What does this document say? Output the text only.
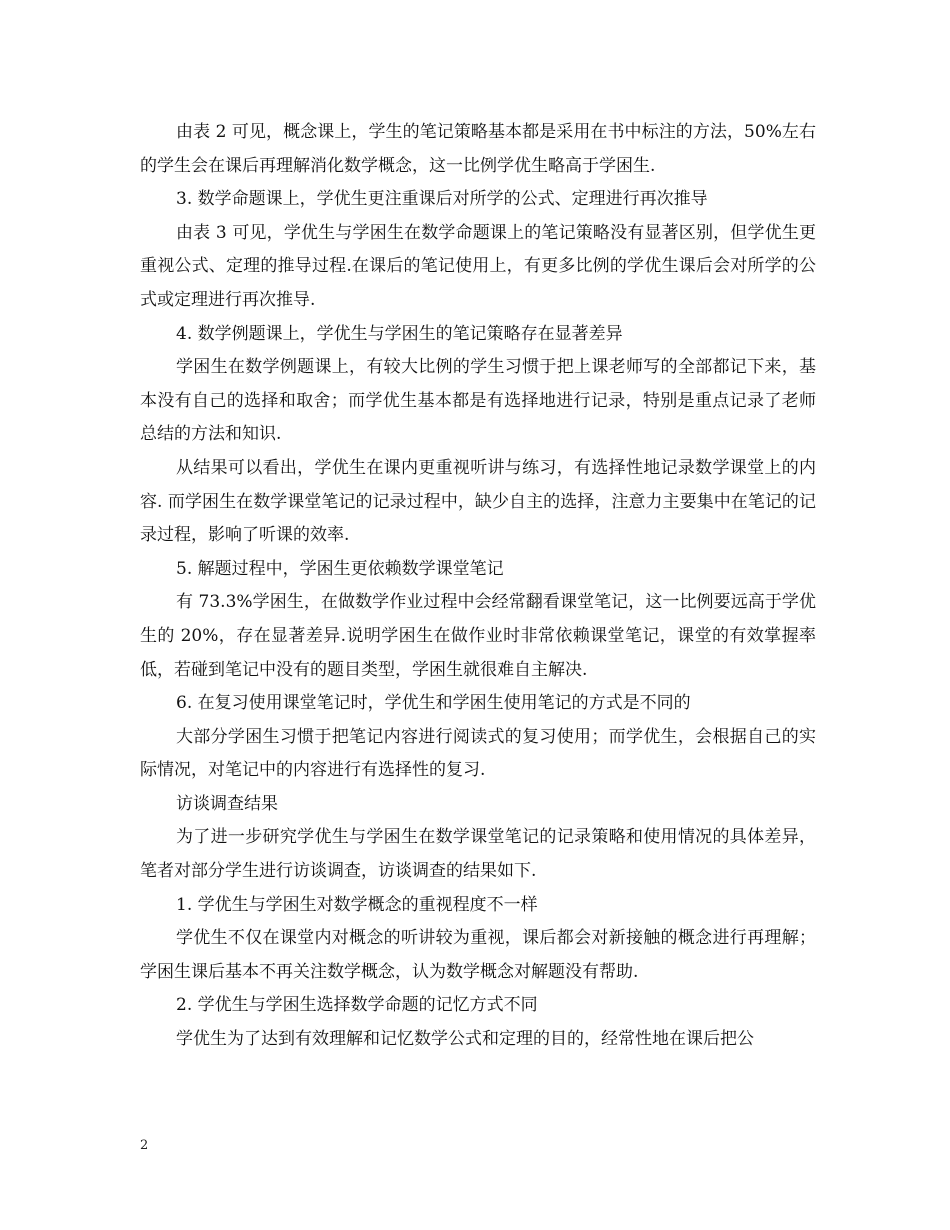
由表 2 可见，概念课上，学生的笔记策略基本都是采用在书中标注的方法，50%左右的学生会在课后再理解消化数学概念，这一比例学优生略高于学困生.

3. 数学命题课上，学优生更注重课后对所学的公式、定理进行再次推导

由表 3 可见，学优生与学困生在数学命题课上的笔记策略没有显著区别，但学优生更重视公式、定理的推导过程.在课后的笔记使用上，有更多比例的学优生课后会对所学的公式或定理进行再次推导.

4. 数学例题课上，学优生与学困生的笔记策略存在显著差异

学困生在数学例题课上，有较大比例的学生习惯于把上课老师写的全部都记下来，基本没有自己的选择和取舍；而学优生基本都是有选择地进行记录，特别是重点记录了老师总结的方法和知识.

从结果可以看出，学优生在课内更重视听讲与练习，有选择性地记录数学课堂上的内容. 而学困生在数学课堂笔记的记录过程中，缺少自主的选择，注意力主要集中在笔记的记录过程，影响了听课的效率.

5. 解题过程中，学困生更依赖数学课堂笔记

有 73.3%学困生，在做数学作业过程中会经常翻看课堂笔记，这一比例要远高于学优生的 20%，存在显著差异.说明学困生在做作业时非常依赖课堂笔记，课堂的有效掌握率低，若碰到笔记中没有的题目类型，学困生就很难自主解决.

6. 在复习使用课堂笔记时，学优生和学困生使用笔记的方式是不同的

大部分学困生习惯于把笔记内容进行阅读式的复习使用；而学优生，会根据自己的实际情况，对笔记中的内容进行有选择性的复习.

访谈调查结果

为了进一步研究学优生与学困生在数学课堂笔记的记录策略和使用情况的具体差异，笔者对部分学生进行访谈调查，访谈调查的结果如下.

1. 学优生与学困生对数学概念的重视程度不一样

学优生不仅在课堂内对概念的听讲较为重视，课后都会对新接触的概念进行再理解；学困生课后基本不再关注数学概念，认为数学概念对解题没有帮助.

2. 学优生与学困生选择数学命题的记忆方式不同

学优生为了达到有效理解和记忆数学公式和定理的目的，经常性地在课后把公

2
